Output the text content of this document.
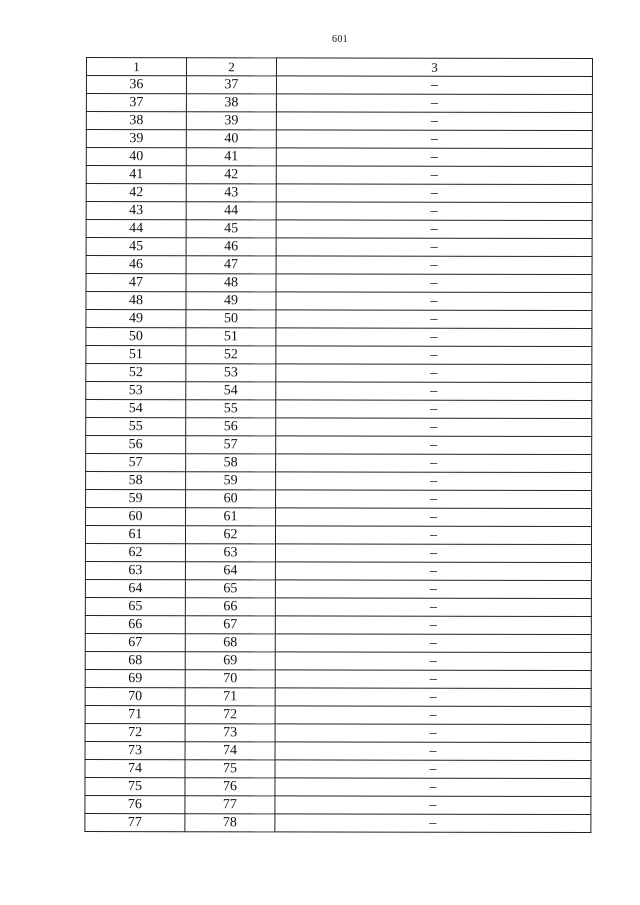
601
1	2	3
36	37	–
37	38	–
38	39	–
39	40	–
40	41	–
41	42	–
42	43	–
43	44	–
44	45	–
45	46	–
46	47	–
47	48	–
48	49	–
49	50	–
50	51	–
51	52	–
52	53	–
53	54	–
54	55	–
55	56	–
56	57	–
57	58	–
58	59	–
59	60	–
60	61	–
61	62	–
62	63	–
63	64	–
64	65	–
65	66	–
66	67	–
67	68	–
68	69	–
69	70	–
70	71	–
71	72	–
72	73	–
73	74	–
74	75	–
75	76	–
76	77	–
77	78	–
